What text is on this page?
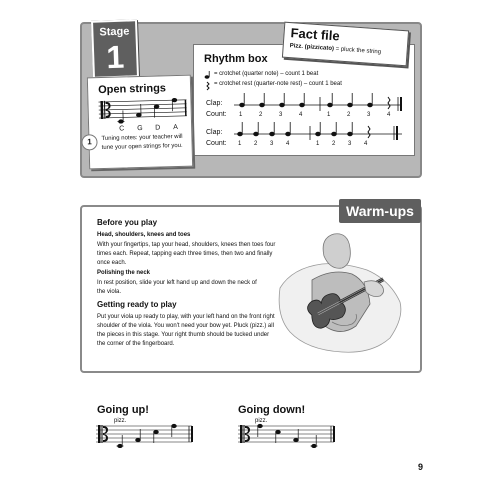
Rhythm box
= crotchet (quarter note) – count 1 beat
= crotchet rest (quarter-note rest) – count 1 beat
Clap:
Count: 1	2	3	4	1	2	3	4
Clap:
Count: 1 2 3 4	1 2 3 4
Stage
1
Fact file
Pizz. (pizzicato) = pluck the string
Open strings
C G D A
1	Tuning notes: your teacher will tune your open strings for you.
Warm-ups
Before you play
Head, shoulders, knees and toes
With your fingertips, tap your head, shoulders, knees then toes four times each. Repeat, tapping each three times, then two and finally once each.
Polishing the neck
In rest position, slide your left hand up and down the neck of the viola.
Getting ready to play
Put your viola up ready to play, with your left hand on the front right shoulder of the viola. You won't need your bow yet. Pluck (pizz.) all the pieces in this stage. Your right thumb should be tucked under the corner of the fingerboard.
Going up!
pizz.
Going down!
pizz.
9
